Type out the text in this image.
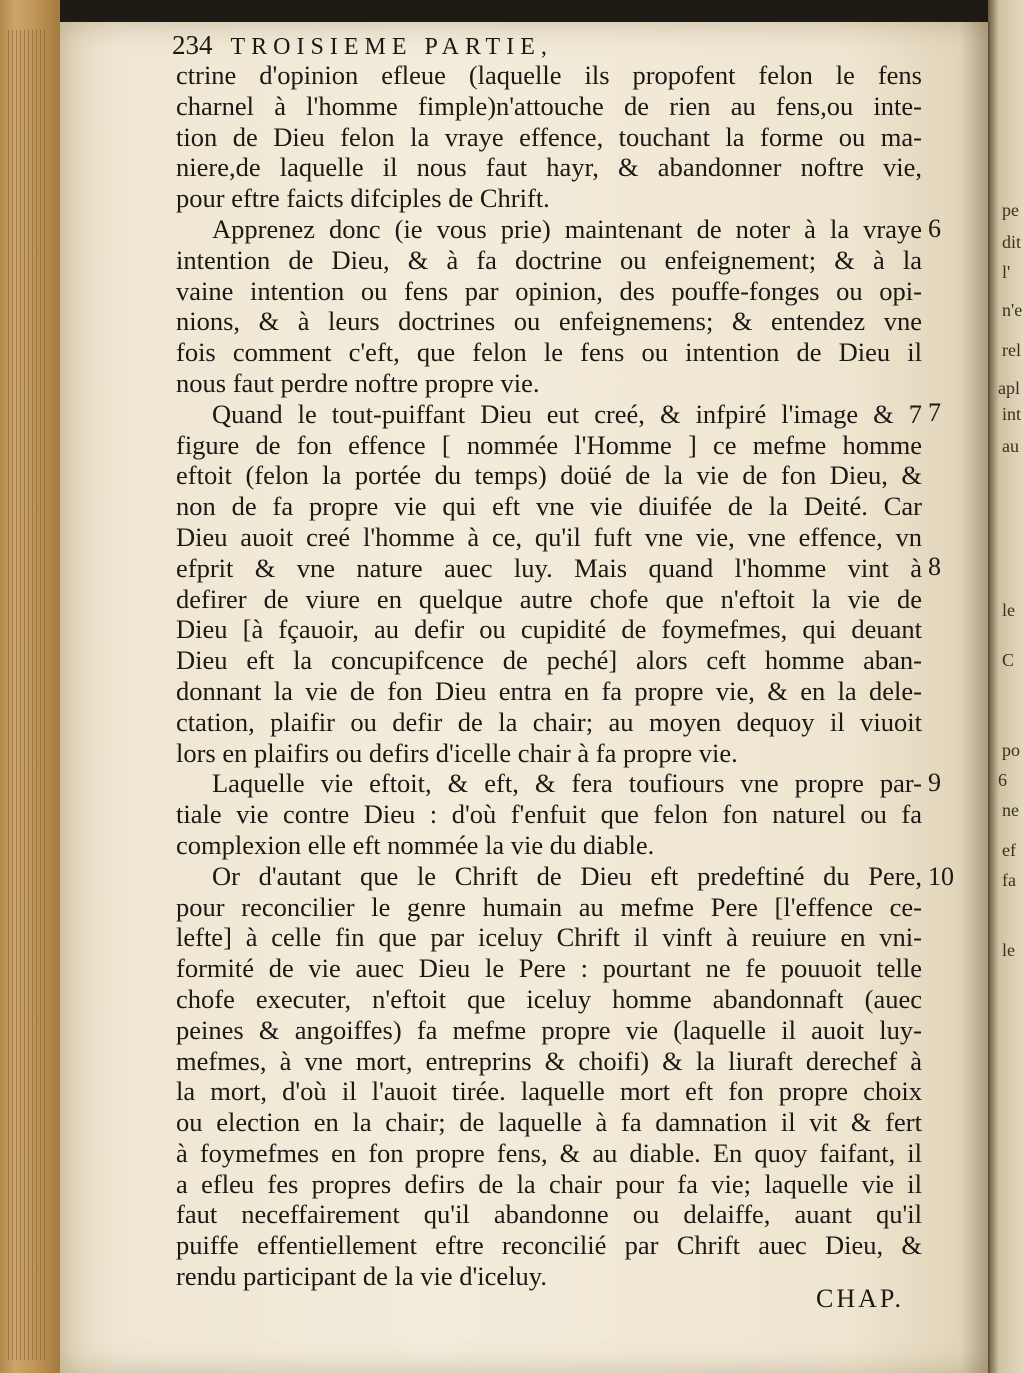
pe
dit
l'
n'e
rel
apl
int
au
le
C
po
6
ne
ef
fa
le
234 TROISIEME PARTIE,
ctrine d'opinion efleue (laquelle ils propofent felon le fens
charnel à l'homme fimple)n'attouche de rien au fens,ou inte-
tion de Dieu felon la vraye effence, touchant la forme ou ma-
niere,de laquelle il nous faut hayr, & abandonner noftre vie,
pour eftre faicts difciples de Chrift.
Apprenez donc (ie vous prie) maintenant de noter à la vraye
intention de Dieu, & à fa doctrine ou enfeignement; & à la
vaine intention ou fens par opinion, des pouffe-fonges ou opi-
nions, & à leurs doctrines ou enfeignemens; & entendez vne
fois comment c'eft, que felon le fens ou intention de Dieu il
nous faut perdre noftre propre vie.
Quand le tout-puiffant Dieu eut creé, & infpiré l'image & 7
figure de fon effence [ nommée l'Homme ] ce mefme homme
eftoit (felon la portée du temps) doüé de la vie de fon Dieu, &
non de fa propre vie qui eft vne vie diuifée de la Deité. Car
Dieu auoit creé l'homme à ce, qu'il fuft vne vie, vne effence, vn
efprit & vne nature auec luy. Mais quand l'homme vint à
defirer de viure en quelque autre chofe que n'eftoit la vie de
Dieu [à fçauoir, au defir ou cupidité de foymefmes, qui deuant
Dieu eft la concupifcence de peché] alors ceft homme aban-
donnant la vie de fon Dieu entra en fa propre vie, & en la dele-
ctation, plaifir ou defir de la chair; au moyen dequoy il viuoit
lors en plaifirs ou defirs d'icelle chair à fa propre vie.
Laquelle vie eftoit, & eft, & fera toufiours vne propre par-
tiale vie contre Dieu : d'où f'enfuit que felon fon naturel ou fa
complexion elle eft nommée la vie du diable.
Or d'autant que le Chrift de Dieu eft predeftiné du Pere,
pour reconcilier le genre humain au mefme Pere [l'effence ce-
lefte] à celle fin que par iceluy Chrift il vinft à reuiure en vni-
formité de vie auec Dieu le Pere : pourtant ne fe pouuoit telle
chofe executer, n'eftoit que iceluy homme abandonnaft (auec
peines & angoiffes) fa mefme propre vie (laquelle il auoit luy-
mefmes, à vne mort, entreprins & choifi) & la liuraft derechef à
la mort, d'où il l'auoit tirée. laquelle mort eft fon propre choix
ou election en la chair; de laquelle à fa damnation il vit & fert
à foymefmes en fon propre fens, & au diable. En quoy faifant, il
a efleu fes propres defirs de la chair pour fa vie; laquelle vie il
faut neceffairement qu'il abandonne ou delaiffe, auant qu'il
puiffe effentiellement eftre reconcilié par Chrift auec Dieu, &
rendu participant de la vie d'iceluy.
6
7
8
9
10
CHAP.
